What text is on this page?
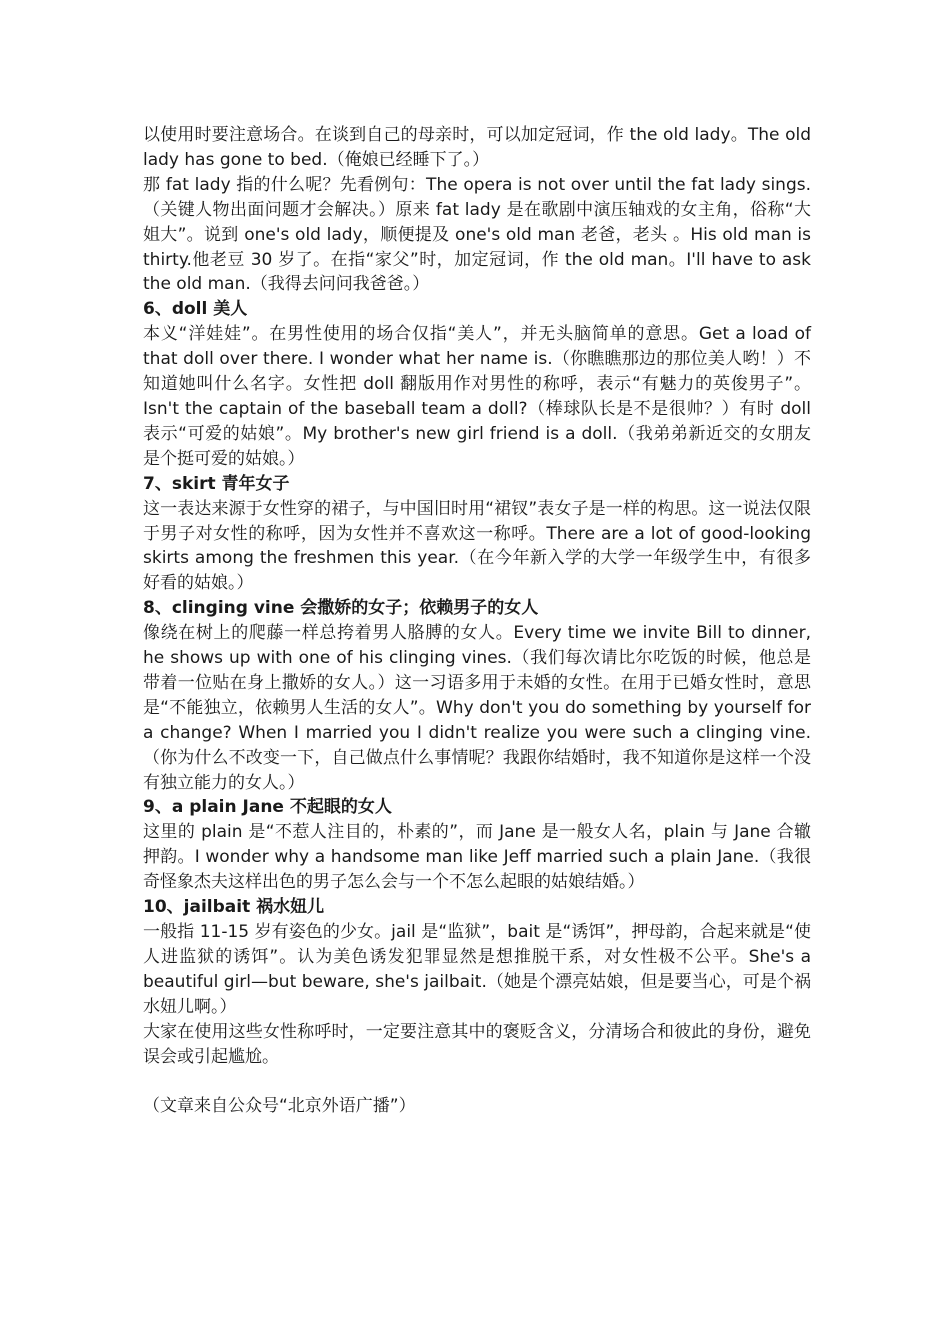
以使用时要注意场合。在谈到自己的母亲时，可以加定冠词，作 the old lady。The old lady has gone to bed.（俺娘已经睡下了。）

那 fat lady 指的什么呢？先看例句：The opera is not over until the fat lady sings.（关键人物出面问题才会解决。）原来 fat lady 是在歌剧中演压轴戏的女主角，俗称“大姐大”。说到 one's old lady，顺便提及 one's old man 老爸，老头 。His old man is thirty.他老豆 30 岁了。在指“家父”时，加定冠词，作 the old man。I'll have to ask the old man.（我得去问问我爸爸。）

6、doll 美人

本义“洋娃娃”。在男性使用的场合仅指“美人”，并无头脑简单的意思。Get a load of that doll over there. I wonder what her name is.（你瞧瞧那边的那位美人哟！）不知道她叫什么名字。女性把 doll 翻版用作对男性的称呼，表示“有魅力的英俊男子”。Isn't the captain of the baseball team a doll?（棒球队长是不是很帅？）有时 doll 表示“可爱的姑娘”。My brother's new girl friend is a doll.（我弟弟新近交的女朋友是个挺可爱的姑娘。）

7、skirt 青年女子

这一表达来源于女性穿的裙子，与中国旧时用“裙钗”表女子是一样的构思。这一说法仅限于男子对女性的称呼，因为女性并不喜欢这一称呼。There are a lot of good-looking skirts among the freshmen this year.（在今年新入学的大学一年级学生中，有很多好看的姑娘。）

8、clinging vine 会撒娇的女子；依赖男子的女人

像绕在树上的爬藤一样总挎着男人胳膊的女人。Every time we invite Bill to dinner, he shows up with one of his clinging vines.（我们每次请比尔吃饭的时候，他总是带着一位贴在身上撒娇的女人。）这一习语多用于未婚的女性。在用于已婚女性时，意思是“不能独立，依赖男人生活的女人”。Why don't you do something by yourself for a change? When I married you I didn't realize you were such a clinging vine.（你为什么不改变一下，自己做点什么事情呢？我跟你结婚时，我不知道你是这样一个没有独立能力的女人。）

9、a plain Jane 不起眼的女人

这里的 plain 是“不惹人注目的，朴素的”，而 Jane 是一般女人名，plain 与 Jane 合辙押韵。I wonder why a handsome man like Jeff married such a plain Jane.（我很奇怪象杰夫这样出色的男子怎么会与一个不怎么起眼的姑娘结婚。）

10、jailbait 祸水妞儿

一般指 11-15 岁有姿色的少女。jail 是“监狱”，bait 是“诱饵”，押母韵，合起来就是“使人进监狱的诱饵”。认为美色诱发犯罪显然是想推脱干系，对女性极不公平。She's a beautiful girl—but beware, she's jailbait.（她是个漂亮姑娘，但是要当心，可是个祸水妞儿啊。）

大家在使用这些女性称呼时，一定要注意其中的褒贬含义，分清场合和彼此的身份，避免误会或引起尴尬。

（文章来自公众号“北京外语广播”）
